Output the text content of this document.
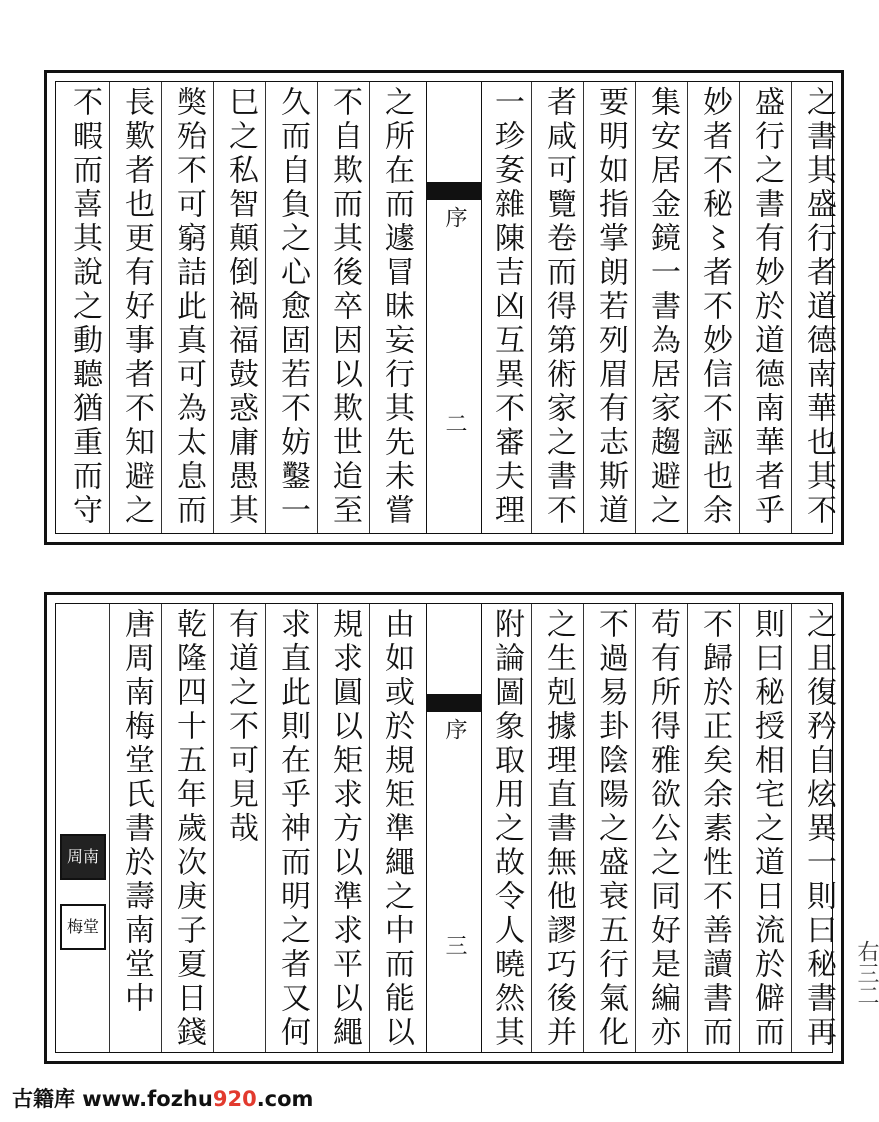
之書其盛行者道德南華也其不
盛行之書有妙於道德南華者乎
妙者不秘〻者不妙信不誣也余
集安居金鏡一書為居家趨避之
要明如指掌朗若列眉有志斯道
者咸可覽卷而得第術家之書不
一珍㚣雜陳吉凶互異不審夫理
序
二
之所在而遽冒昧妄行其先未嘗
不自欺而其後卒因以欺世迨至
久而自負之心愈固若不妨鑿一
巳之私智顛倒禍福鼓惑庸愚其
獘殆不可窮詰此真可為太息而
長歎者也更有好事者不知避之
不暇而喜其說之動聽猶重而守
之且復矜自炫異一則曰秘書再
則曰秘授相宅之道日流於僻而
不歸於正矣余素性不善讀書而
苟有所得雅欲公之同好是編亦
不過易卦陰陽之盛衰五行氣化
之生剋據理直書無他謬巧後并
附論圖象取用之故令人曉然其
序
三
由如或於規矩準繩之中而能以
規求圓以矩求方以準求平以繩
求直此則在乎神而明之者又何
有道之不可見哉
乾隆四十五年歲次庚子夏日錢
唐周南梅堂氏書於壽南堂中
周南
梅堂
右三二
古籍库 www.fozhu920.com
